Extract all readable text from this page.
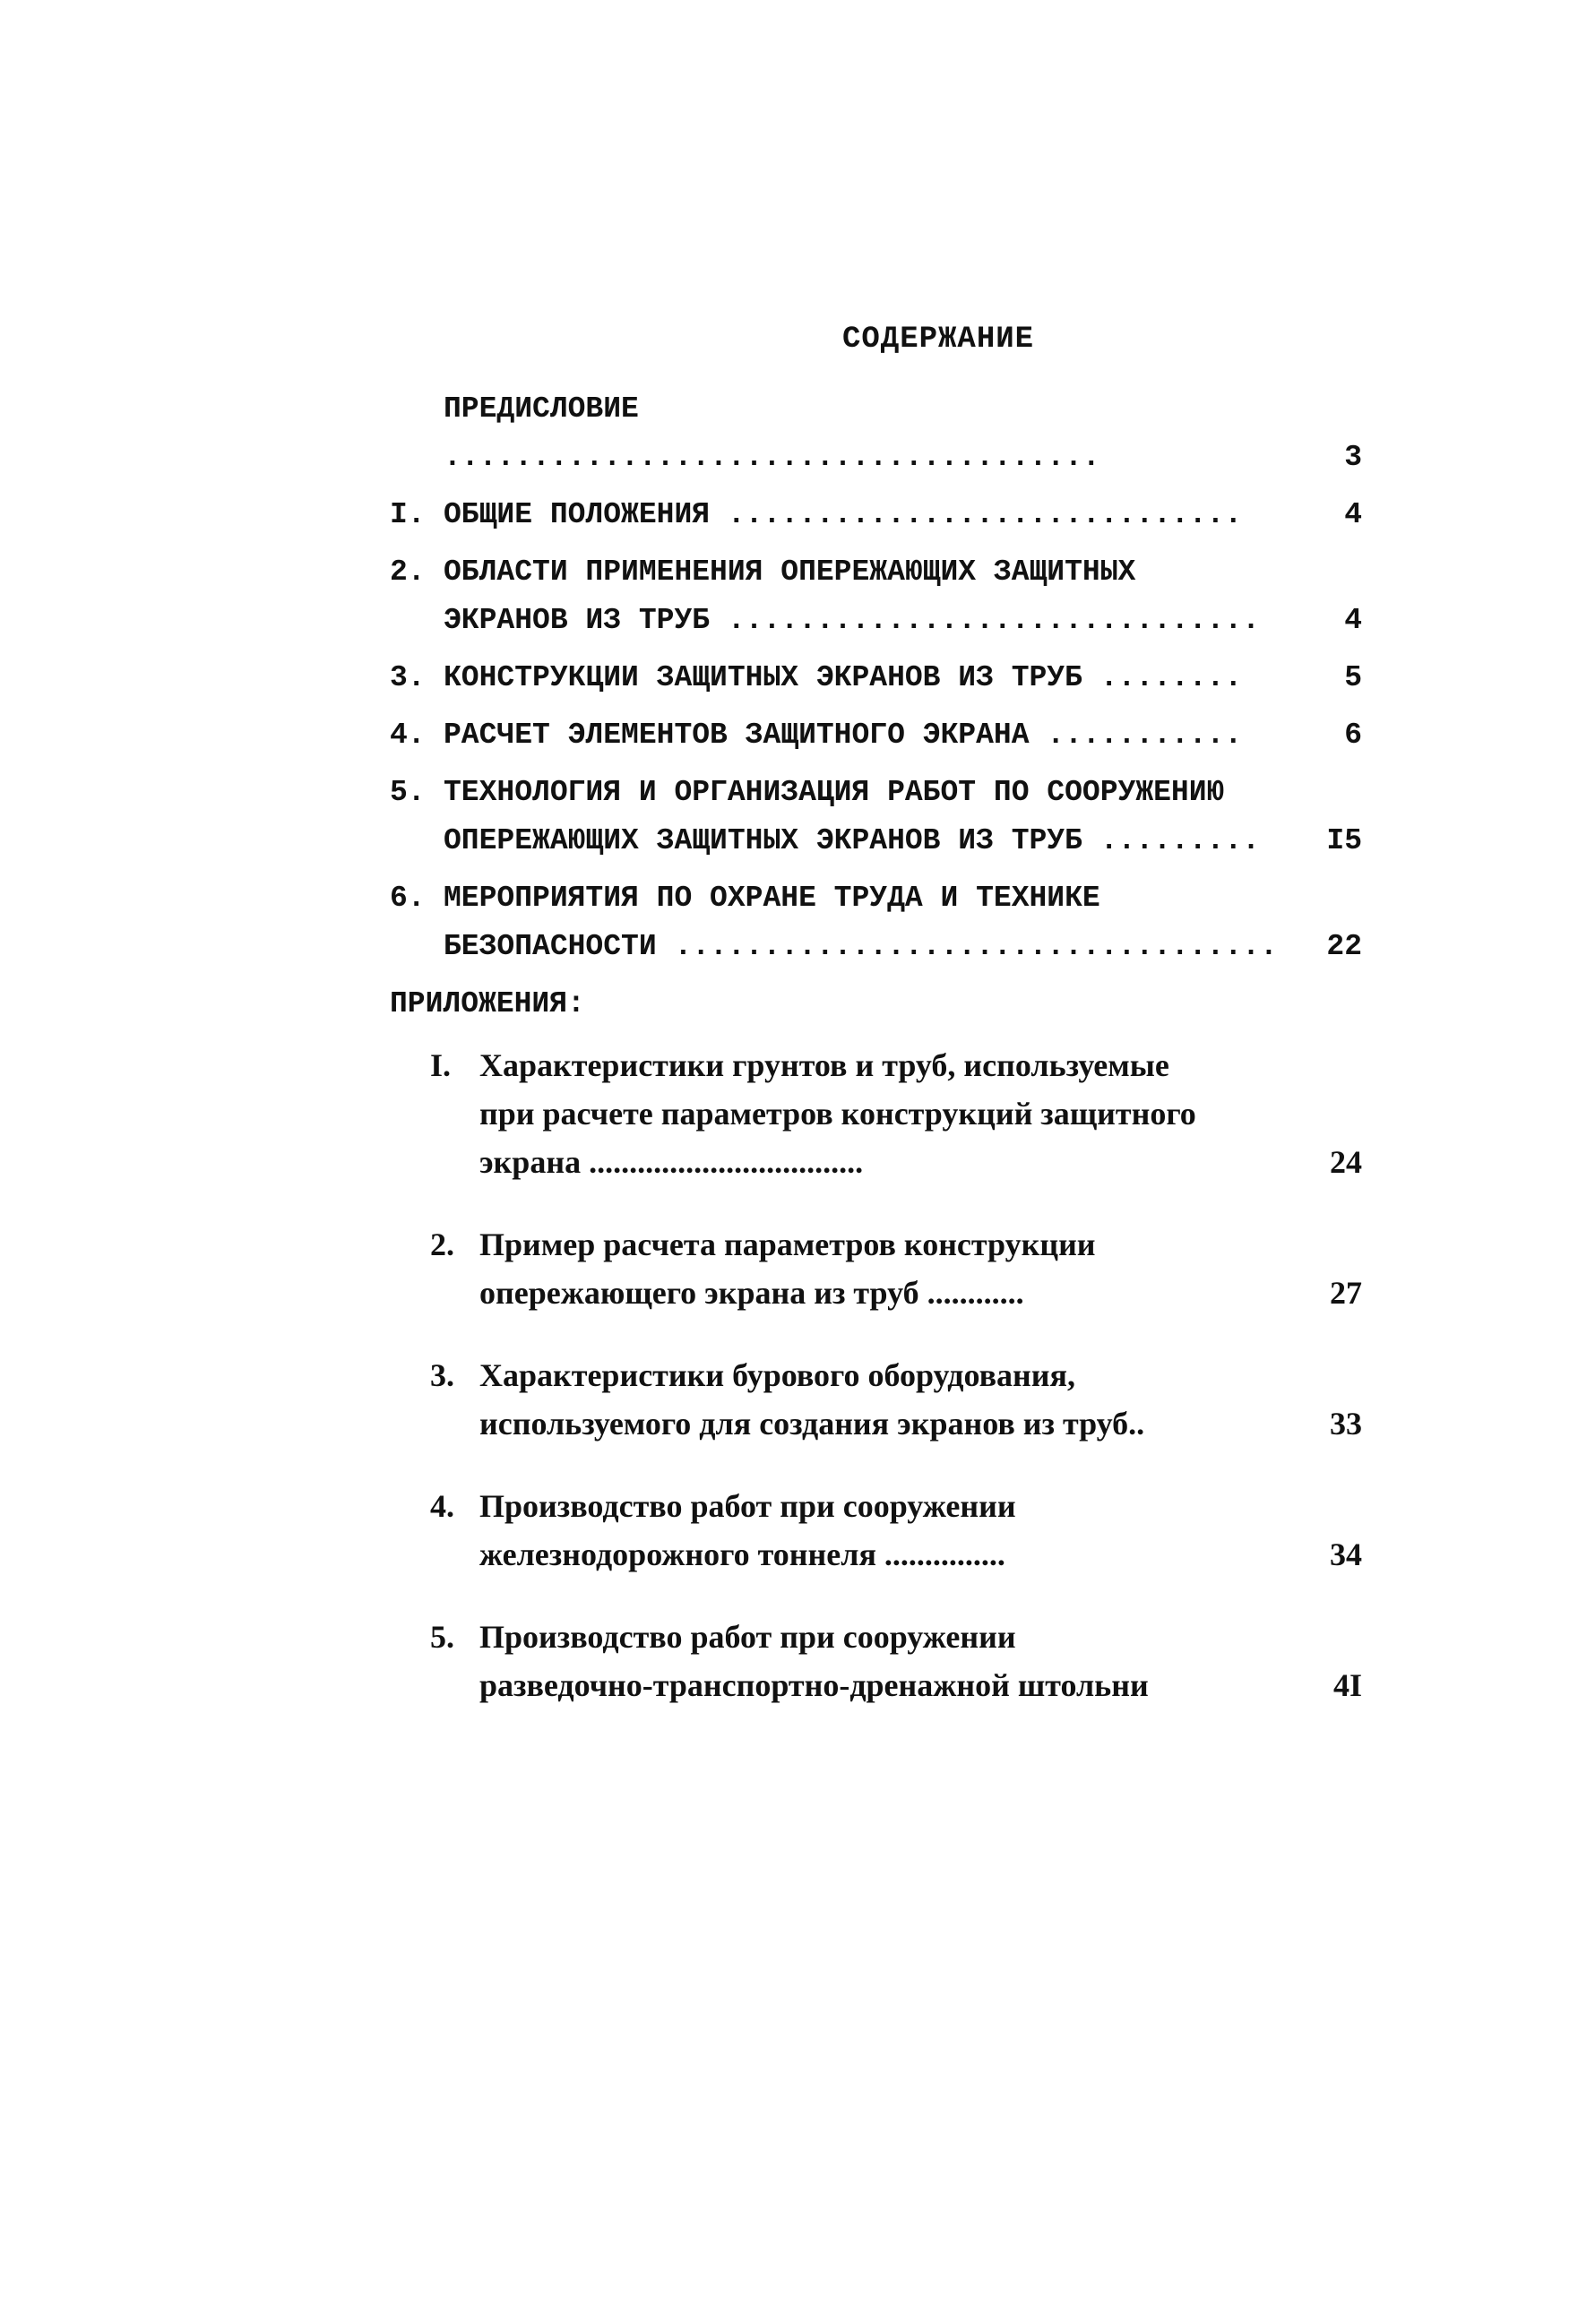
СОДЕРЖАНИЕ
ПРЕДИСЛОВИЕ .....................................	3
I. ОБЩИЕ ПОЛОЖЕНИЯ .............................	4
2. ОБЛАСТИ ПРИМЕНЕНИЯ ОПЕРЕЖАЮЩИХ ЗАЩИТНЫХ
ЭКРАНОВ ИЗ ТРУБ ..............................	4
3. КОНСТРУКЦИИ ЗАЩИТНЫХ ЭКРАНОВ ИЗ ТРУБ ........	5
4. РАСЧЕТ ЭЛЕМЕНТОВ ЗАЩИТНОГО ЭКРАНА ...........	6
5. ТЕХНОЛОГИЯ И ОРГАНИЗАЦИЯ РАБОТ ПО СООРУЖЕНИЮ
ОПЕРЕЖАЮЩИХ ЗАЩИТНЫХ ЭКРАНОВ ИЗ ТРУБ .........	I5
6. МЕРОПРИЯТИЯ ПО ОХРАНЕ ТРУДА И ТЕХНИКЕ
БЕЗОПАСНОСТИ ..................................	22
ПРИЛОЖЕНИЯ:
I. Характеристики грунтов и труб, используемые
при расчете параметров конструкций защитного
экрана ..................................	24
2. Пример расчета параметров конструкции
опережающего экрана из труб ............	27
3. Характеристики бурового оборудования,
используемого для создания экранов из труб..	33
4. Производство работ при сооружении
железнодорожного тоннеля ...............	34
5. Производство работ при сооружении
разведочно-транспортно-дренажной штольни	4I
